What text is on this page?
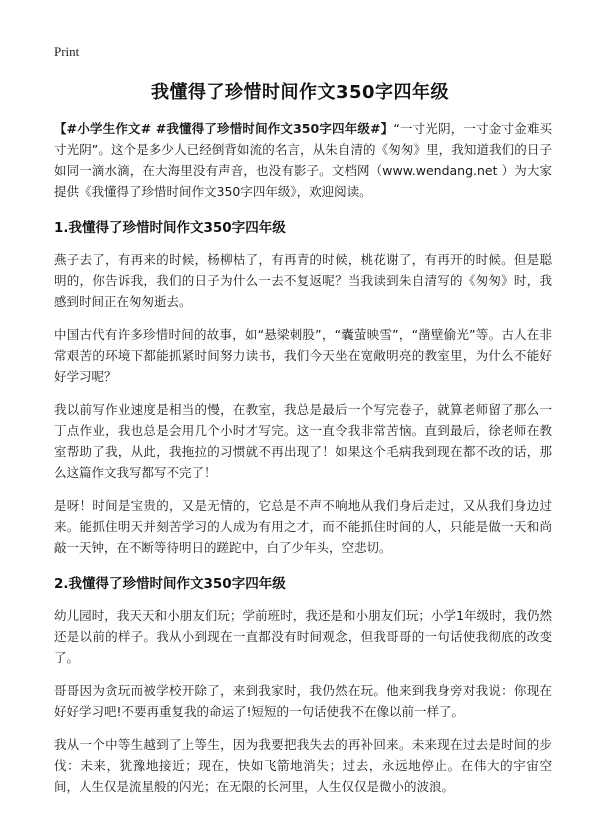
Print
我懂得了珍惜时间作文350字四年级

【#小学生作文# #我懂得了珍惜时间作文350字四年级#】“一寸光阴，一寸金寸金难买寸光阴”。这个是多少人已经倒背如流的名言，从朱自清的《匆匆》里，我知道我们的日子如同一滴水滴，在大海里没有声音，也没有影子。文档网（www.wendang.net ）为大家提供《我懂得了珍惜时间作文350字四年级》，欢迎阅读。

1.我懂得了珍惜时间作文350字四年级

燕子去了，有再来的时候，杨柳枯了，有再青的时候，桃花谢了，有再开的时候。但是聪明的，你告诉我，我们的日子为什么一去不复返呢？当我读到朱自清写的《匆匆》时，我感到时间正在匆匆逝去。

中国古代有许多珍惜时间的故事，如“悬梁刺股”，“囊萤映雪”，“凿壁偷光”等。古人在非常艰苦的环境下都能抓紧时间努力读书，我们今天坐在宽敞明亮的教室里，为什么不能好好学习呢？

我以前写作业速度是相当的慢，在教室，我总是最后一个写完卷子，就算老师留了那么一丁点作业，我也总是会用几个小时才写完。这一直令我非常苦恼。直到最后，徐老师在教室帮助了我，从此，我拖拉的习惯就不再出现了！如果这个毛病我到现在都不改的话，那么这篇作文我写都写不完了！

是呀！时间是宝贵的，又是无情的，它总是不声不响地从我们身后走过，又从我们身边过来。能抓住明天并刻苦学习的人成为有用之才，而不能抓住时间的人，只能是做一天和尚敲一天钟，在不断等待明日的蹉跎中，白了少年头，空悲切。

2.我懂得了珍惜时间作文350字四年级

幼儿园时，我天天和小朋友们玩；学前班时，我还是和小朋友们玩；小学1年级时，我仍然还是以前的样子。我从小到现在一直都没有时间观念，但我哥哥的一句话使我彻底的改变了。

哥哥因为贪玩而被学校开除了，来到我家时，我仍然在玩。他来到我身旁对我说：你现在好好学习吧!不要再重复我的命运了!短短的一句话使我不在像以前一样了。

我从一个中等生越到了上等生，因为我要把我失去的再补回来。未来现在过去是时间的步伐：未来，犹豫地接近；现在，快如飞箭地消失；过去，永远地停止。在伟大的宇宙空间，人生仅是流星般的闪光；在无限的长河里，人生仅仅是微小的波浪。
